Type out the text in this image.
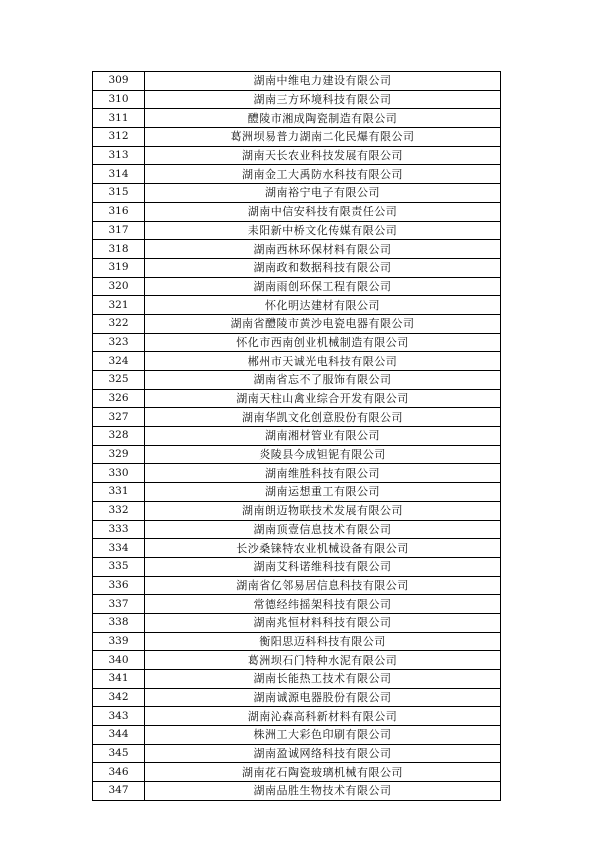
309	湖南中维电力建设有限公司
310	湖南三方环境科技有限公司
311	醴陵市湘成陶瓷制造有限公司
312	葛洲坝易普力湖南二化民爆有限公司
313	湖南天长农业科技发展有限公司
314	湖南金工大禹防水科技有限公司
315	湖南裕宁电子有限公司
316	湖南中信安科技有限责任公司
317	耒阳新中桥文化传媒有限公司
318	湖南西林环保材料有限公司
319	湖南政和数据科技有限公司
320	湖南雨创环保工程有限公司
321	怀化明达建材有限公司
322	湖南省醴陵市黄沙电瓷电器有限公司
323	怀化市西南创业机械制造有限公司
324	郴州市天诚光电科技有限公司
325	湖南省忘不了服饰有限公司
326	湖南天柱山禽业综合开发有限公司
327	湖南华凯文化创意股份有限公司
328	湖南湘材管业有限公司
329	炎陵县今成钽铌有限公司
330	湖南维胜科技有限公司
331	湖南运想重工有限公司
332	湖南朗迈物联技术发展有限公司
333	湖南顶壹信息技术有限公司
334	长沙桑铼特农业机械设备有限公司
335	湖南艾科诺维科技有限公司
336	湖南省亿邻易居信息科技有限公司
337	常德经纬摇架科技有限公司
338	湖南兆恒材料科技有限公司
339	衡阳思迈科科技有限公司
340	葛洲坝石门特种水泥有限公司
341	湖南长能热工技术有限公司
342	湖南诚源电器股份有限公司
343	湖南沁森高科新材料有限公司
344	株洲工大彩色印刷有限公司
345	湖南盈诚网络科技有限公司
346	湖南花石陶瓷玻璃机械有限公司
347	湖南品胜生物技术有限公司
